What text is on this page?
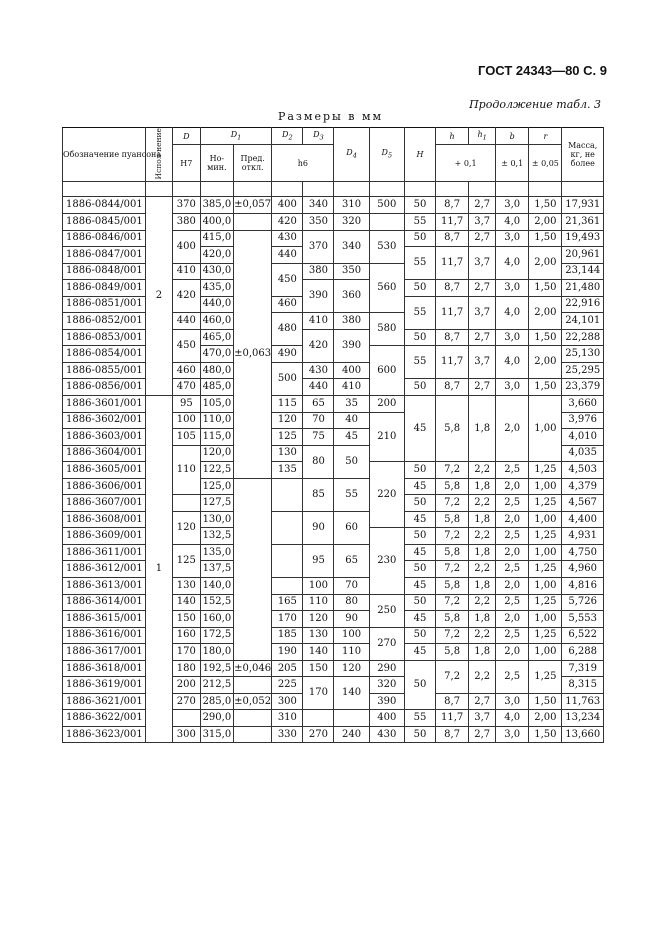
ГОСТ 24343—80 С. 9
Продолжение табл. 3
Размеры в мм
Обозначение пуансона	Испол-нение	D	$D_1$		$D_2$	$D_3$	$D_4$	$D_5$	H	h	$h_1$	b	r	Масса, кг, не более
		H7	Но-мин.	Пред. откл.	h6					+ 0,1		± 0,1	± 0,05	

1886-0844/001	2	370	385,0	±0,057	400	340	310	500	50	8,7	2,7	3,0	1,50	17,931
1886-0845/001		380	400,0		420	350	320		55	11,7	3,7	4,0	2,00	21,361
1886-0846/001		400	415,0	±0,063	430	370	340	530	50	8,7	2,7	3,0	1,50	19,493
1886-0847/001			420,0		440				55	11,7	3,7	4,0	2,00	20,961
1886-0848/001		410	430,0		450	380	350	560						23,144
1886-0849/001		420	435,0			390	360		50	8,7	2,7	3,0	1,50	21,480
1886-0851/001			440,0		460				55	11,7	3,7	4,0	2,00	22,916
1886-0852/001		440	460,0		480	410	380	580						24,101
1886-0853/001		450	465,0			420	390		50	8,7	2,7	3,0	1,50	22,288
1886-0854/001			470,0		490			600	55	11,7	3,7	4,0	2,00	25,130
1886-0855/001		460	480,0		500	430	400							25,295
1886-0856/001		470	485,0			440	410		50	8,7	2,7	3,0	1,50	23,379
1886-3601/001	1	95	105,0		115	65	35	200	45	5,8	1,8	2,0	1,00	3,660
1886-3602/001		100	110,0		120	70	40	210						3,976
1886-3603/001		105	115,0		125	75	45							4,010
1886-3604/001		110	120,0		130	80	50							4,035
1886-3605/001			122,5		135			220	50	7,2	2,2	2,5	1,25	4,503
1886-3606/001			125,0			85	55		45	5,8	1,8	2,0	1,00	4,379
1886-3607/001			127,5						50	7,2	2,2	2,5	1,25	4,567
1886-3608/001		120	130,0			90	60		45	5,8	1,8	2,0	1,00	4,400
1886-3609/001			132,5					230	50	7,2	2,2	2,5	1,25	4,931
1886-3611/001		125	135,0			95	65		45	5,8	1,8	2,0	1,00	4,750
1886-3612/001			137,5						50	7,2	2,2	2,5	1,25	4,960
1886-3613/001		130	140,0			100	70		45	5,8	1,8	2,0	1,00	4,816
1886-3614/001		140	152,5		165	110	80	250	50	7,2	2,2	2,5	1,25	5,726
1886-3615/001		150	160,0		170	120	90		45	5,8	1,8	2,0	1,00	5,553
1886-3616/001		160	172,5		185	130	100	270	50	7,2	2,2	2,5	1,25	6,522
1886-3617/001		170	180,0		190	140	110		45	5,8	1,8	2,0	1,00	6,288
1886-3618/001		180	192,5	±0,046	205	150	120	290	50	7,2	2,2	2,5	1,25	7,319
1886-3619/001		200	212,5		225	170	140	320						8,315
1886-3621/001		270	285,0	±0,052	300			390		8,7	2,7	3,0	1,50	11,763
1886-3622/001			290,0		310			400	55	11,7	3,7	4,0	2,00	13,234
1886-3623/001		300	315,0		330	270	240	430	50	8,7	2,7	3,0	1,50	13,660
